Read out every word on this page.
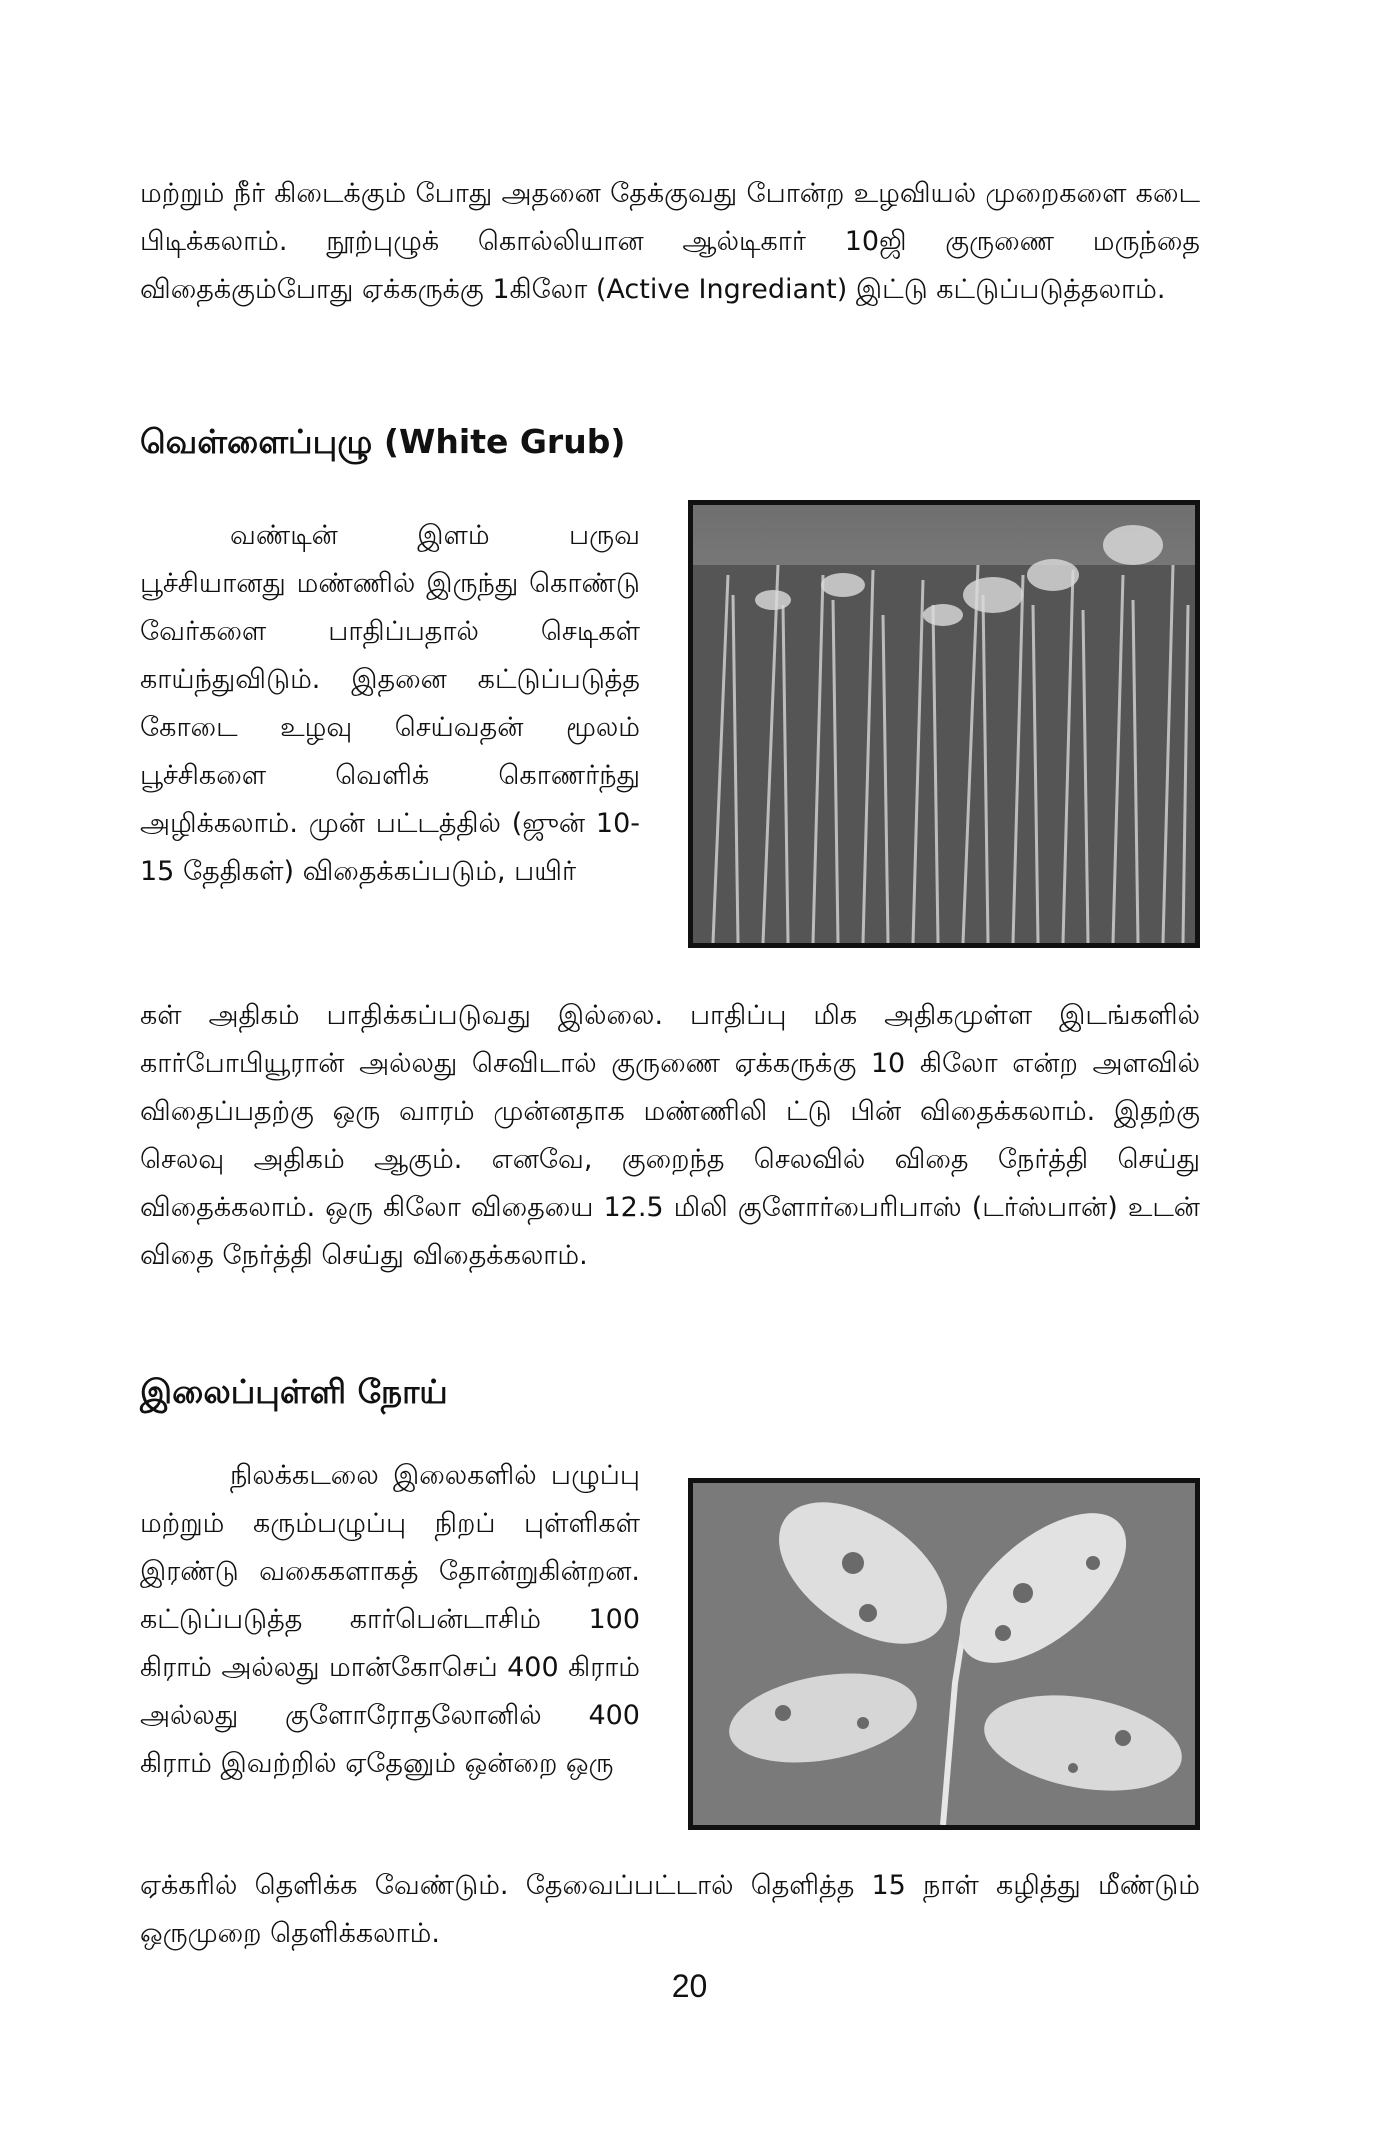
மற்றும் நீர் கிடைக்கும் போது அதனை தேக்குவது போன்ற உழவியல் முறைகளை கடை பிடிக்கலாம். நூற்புழுக் கொல்லியான ஆல்டிகார் 10ஜி குருணை மருந்தை விதைக்கும்போது ஏக்கருக்கு 1கிலோ (Active Ingrediant) இட்டு கட்டுப்படுத்தலாம்.

வெள்ளைப்புழு (White Grub)

வண்டின் இளம் பருவ பூச்சியானது மண்ணில் இருந்து கொண்டு வேர்களை பாதிப்பதால் செடிகள் காய்ந்துவிடும். இதனை கட்டுப்படுத்த கோடை உழவு செய்வதன் மூலம் பூச்சிகளை வெளிக் கொணர்ந்து அழிக்கலாம். முன் பட்டத்தில் (ஜுன் 10-15 தேதிகள்) விதைக்கப்படும், பயிர்

கள் அதிகம் பாதிக்கப்படுவது இல்லை. பாதிப்பு மிக அதிகமுள்ள இடங்களில் கார்போபியூரான் அல்லது செவிடால் குருணை ஏக்கருக்கு 10 கிலோ என்ற அளவில் விதைப்பதற்கு ஒரு வாரம் முன்னதாக மண்ணிலி ட்டு பின் விதைக்கலாம். இதற்கு செலவு அதிகம் ஆகும். எனவே, குறைந்த செலவில் விதை நேர்த்தி செய்து விதைக்கலாம். ஒரு கிலோ விதையை 12.5 மிலி குளோர்பைரிபாஸ் (டர்ஸ்பான்) உடன் விதை நேர்த்தி செய்து விதைக்கலாம்.

இலைப்புள்ளி நோய்

நிலக்கடலை இலைகளில் பழுப்பு மற்றும் கரும்பழுப்பு நிறப் புள்ளிகள் இரண்டு வகைகளாகத் தோன்றுகின்றன. கட்டுப்படுத்த கார்பென்டாசிம் 100 கிராம் அல்லது மான்கோசெப் 400 கிராம் அல்லது குளோரோதலோனில் 400 கிராம் இவற்றில் ஏதேனும் ஒன்றை ஒரு

ஏக்கரில் தெளிக்க வேண்டும். தேவைப்பட்டால் தெளித்த 15 நாள் கழித்து மீண்டும் ஒருமுறை தெளிக்கலாம்.

20
